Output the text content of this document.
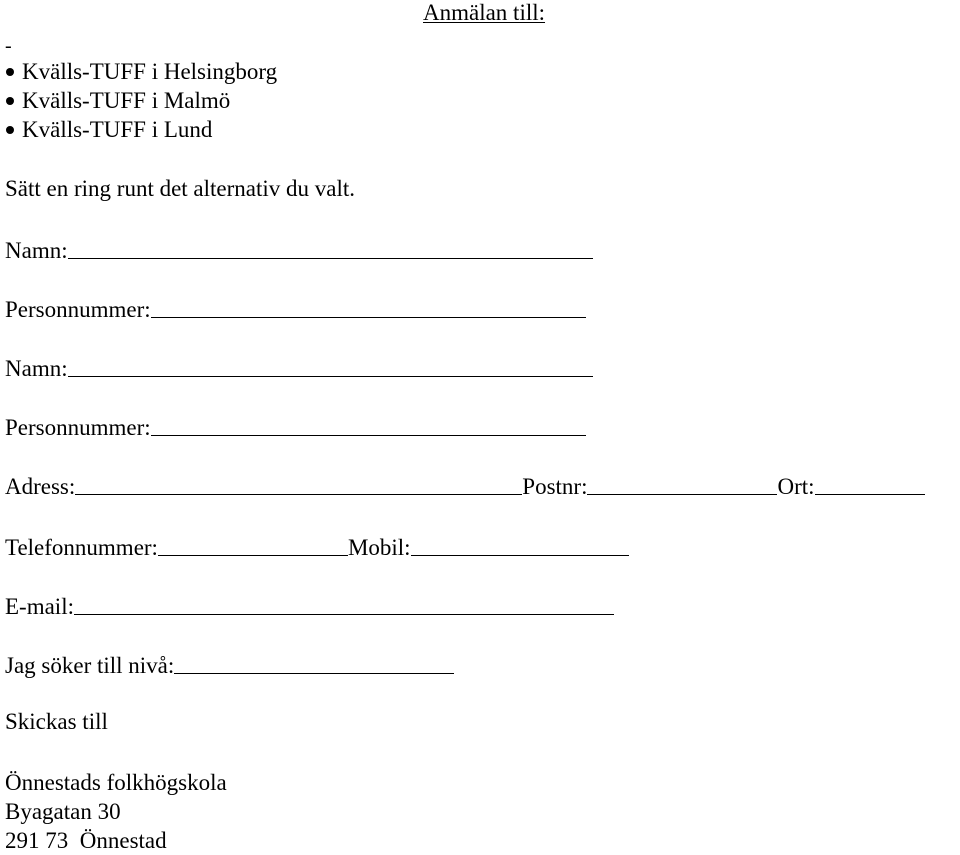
Anmälan till:
-
Kvälls-TUFF i Helsingborg
Kvälls-TUFF i Malmö
Kvälls-TUFF i Lund
Sätt en ring runt det alternativ du valt.
Namn:
Personnummer:
Namn:
Personnummer:
Adress:	Postnr:	Ort:
Telefonnummer:	Mobil:
E-mail:
Jag söker till nivå:
Skickas till
Önnestads folkhögskola
Byagatan 30
291 73  Önnestad
